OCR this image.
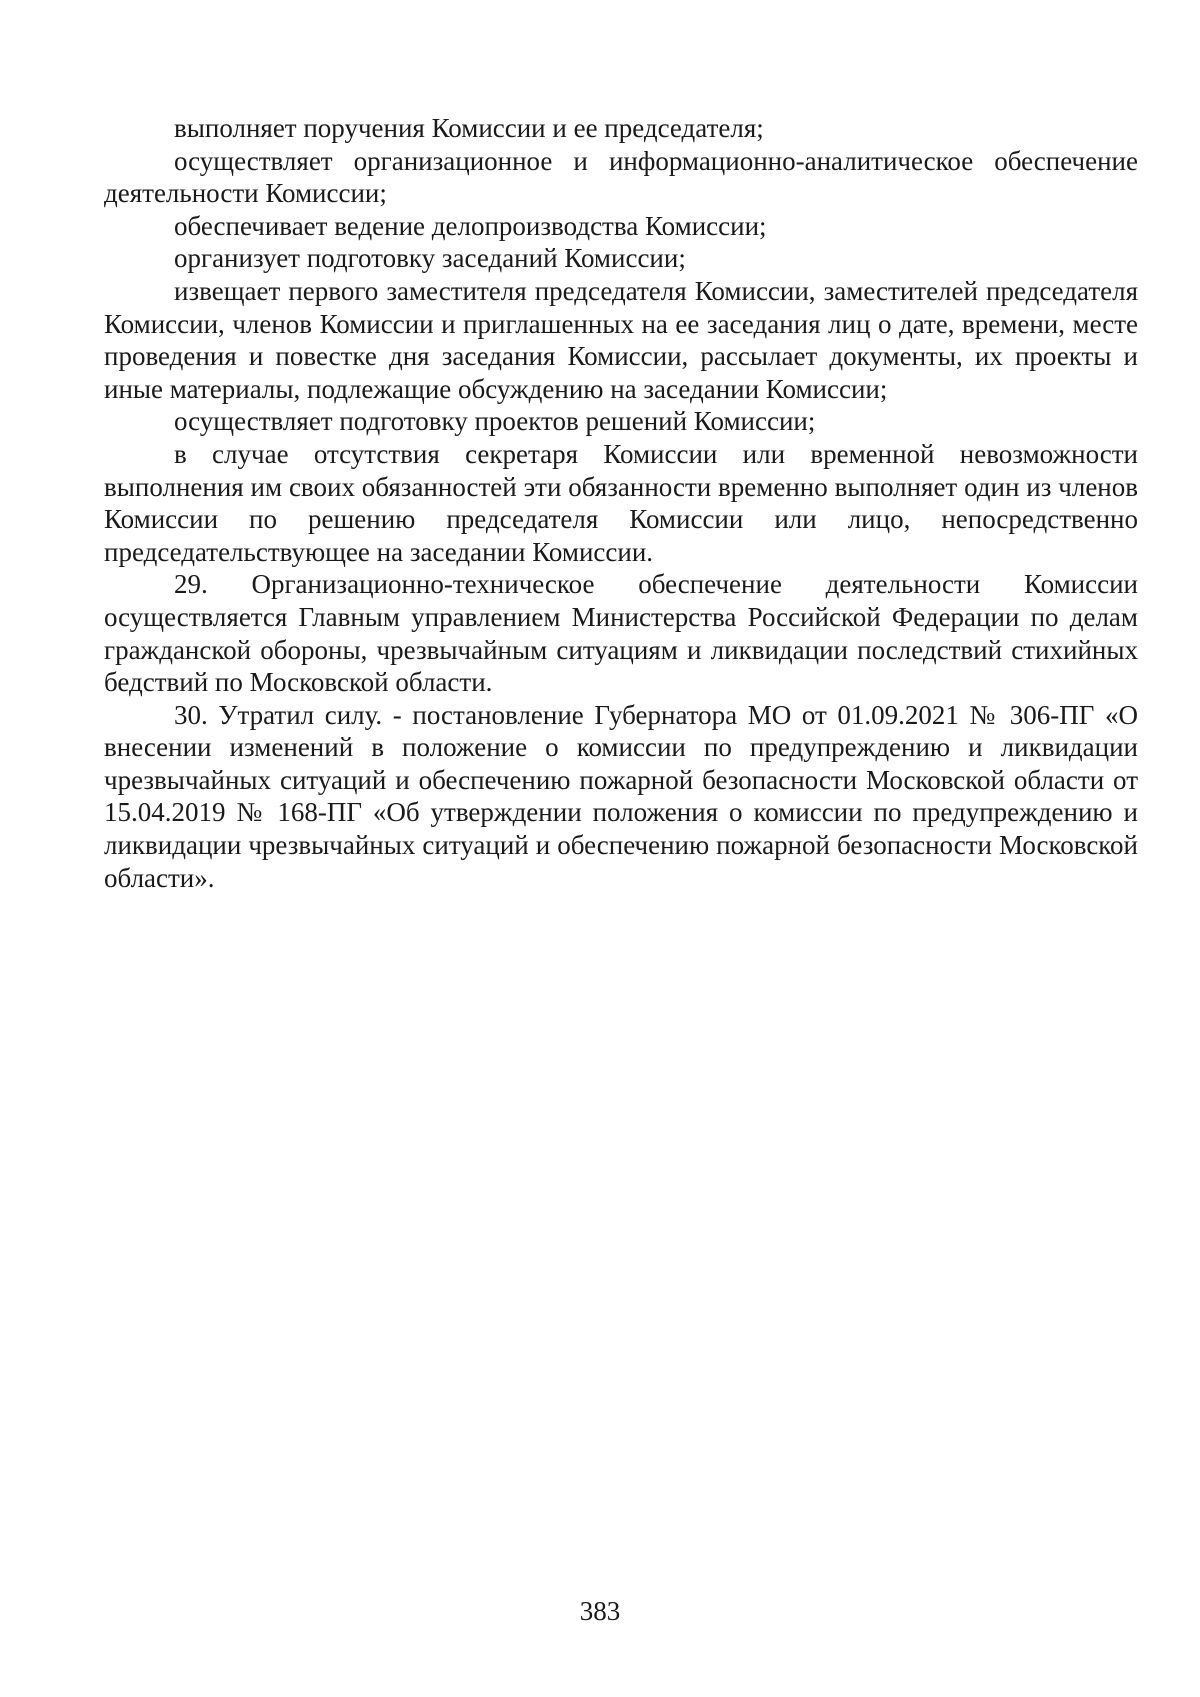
выполняет поручения Комиссии и ее председателя;

осуществляет организационное и информационно-аналитическое обеспечение деятельности Комиссии;

обеспечивает ведение делопроизводства Комиссии;

организует подготовку заседаний Комиссии;

извещает первого заместителя председателя Комиссии, заместителей председателя Комиссии, членов Комиссии и приглашенных на ее заседания лиц о дате, времени, месте проведения и повестке дня заседания Комиссии, рассылает документы, их проекты и иные материалы, подлежащие обсуждению на заседании Комиссии;

осуществляет подготовку проектов решений Комиссии;

в случае отсутствия секретаря Комиссии или временной невозможности выполнения им своих обязанностей эти обязанности временно выполняет один из членов Комиссии по решению председателя Комиссии или лицо, непосредственно председательствующее на заседании Комиссии.

29. Организационно-техническое обеспечение деятельности Комиссии осуществляется Главным управлением Министерства Российской Федерации по делам гражданской обороны, чрезвычайным ситуациям и ликвидации последствий стихийных бедствий по Московской области.

30. Утратил силу. - постановление Губернатора МО от 01.09.2021 № 306-ПГ «О внесении изменений в положение о комиссии по предупреждению и ликвидации чрезвычайных ситуаций и обеспечению пожарной безопасности Московской области от 15.04.2019 № 168-ПГ «Об утверждении положения о комиссии по предупреждению и ликвидации чрезвычайных ситуаций и обеспечению пожарной безопасности Московской области».

383
